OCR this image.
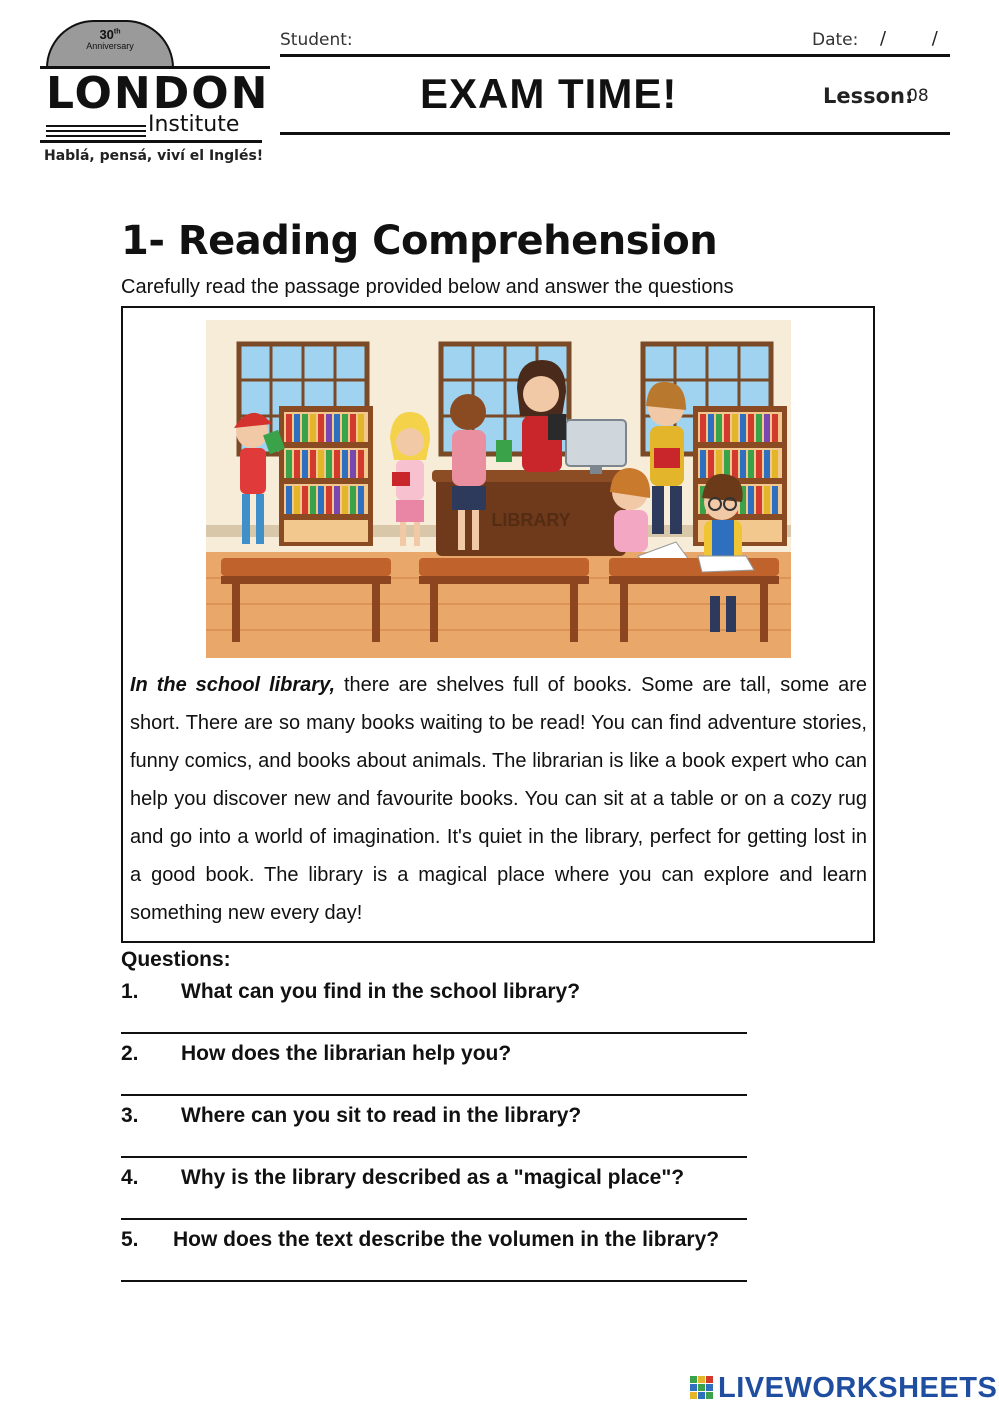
30th
Anniversary
LONDON
Institute
Hablá, pensá, viví el Inglés!
Student:	Date: / /
EXAM TIME!	Lesson:
08
1- Reading Comprehension
Carefully read the passage provided below and answer the questions
LIBRARY
In the school library, there are shelves full of books. Some are tall, some are short. There are so many books waiting to be read! You can find adventure stories, funny comics, and books about animals. The librarian is like a book expert who can help you discover new and favourite books. You can sit at a table or on a cozy rug and go into a world of imagination. It's quiet in the library, perfect for getting lost in a good book. The library is a magical place where you can explore and learn something new every day!
Questions:
1. What can you find in the school library?
2. How does the librarian help you?
3. Where can you sit to read in the library?
4. Why is the library described as a "magical place"?
5. How does the text describe the volumen in the library?
LIVEWORKSHEETS
